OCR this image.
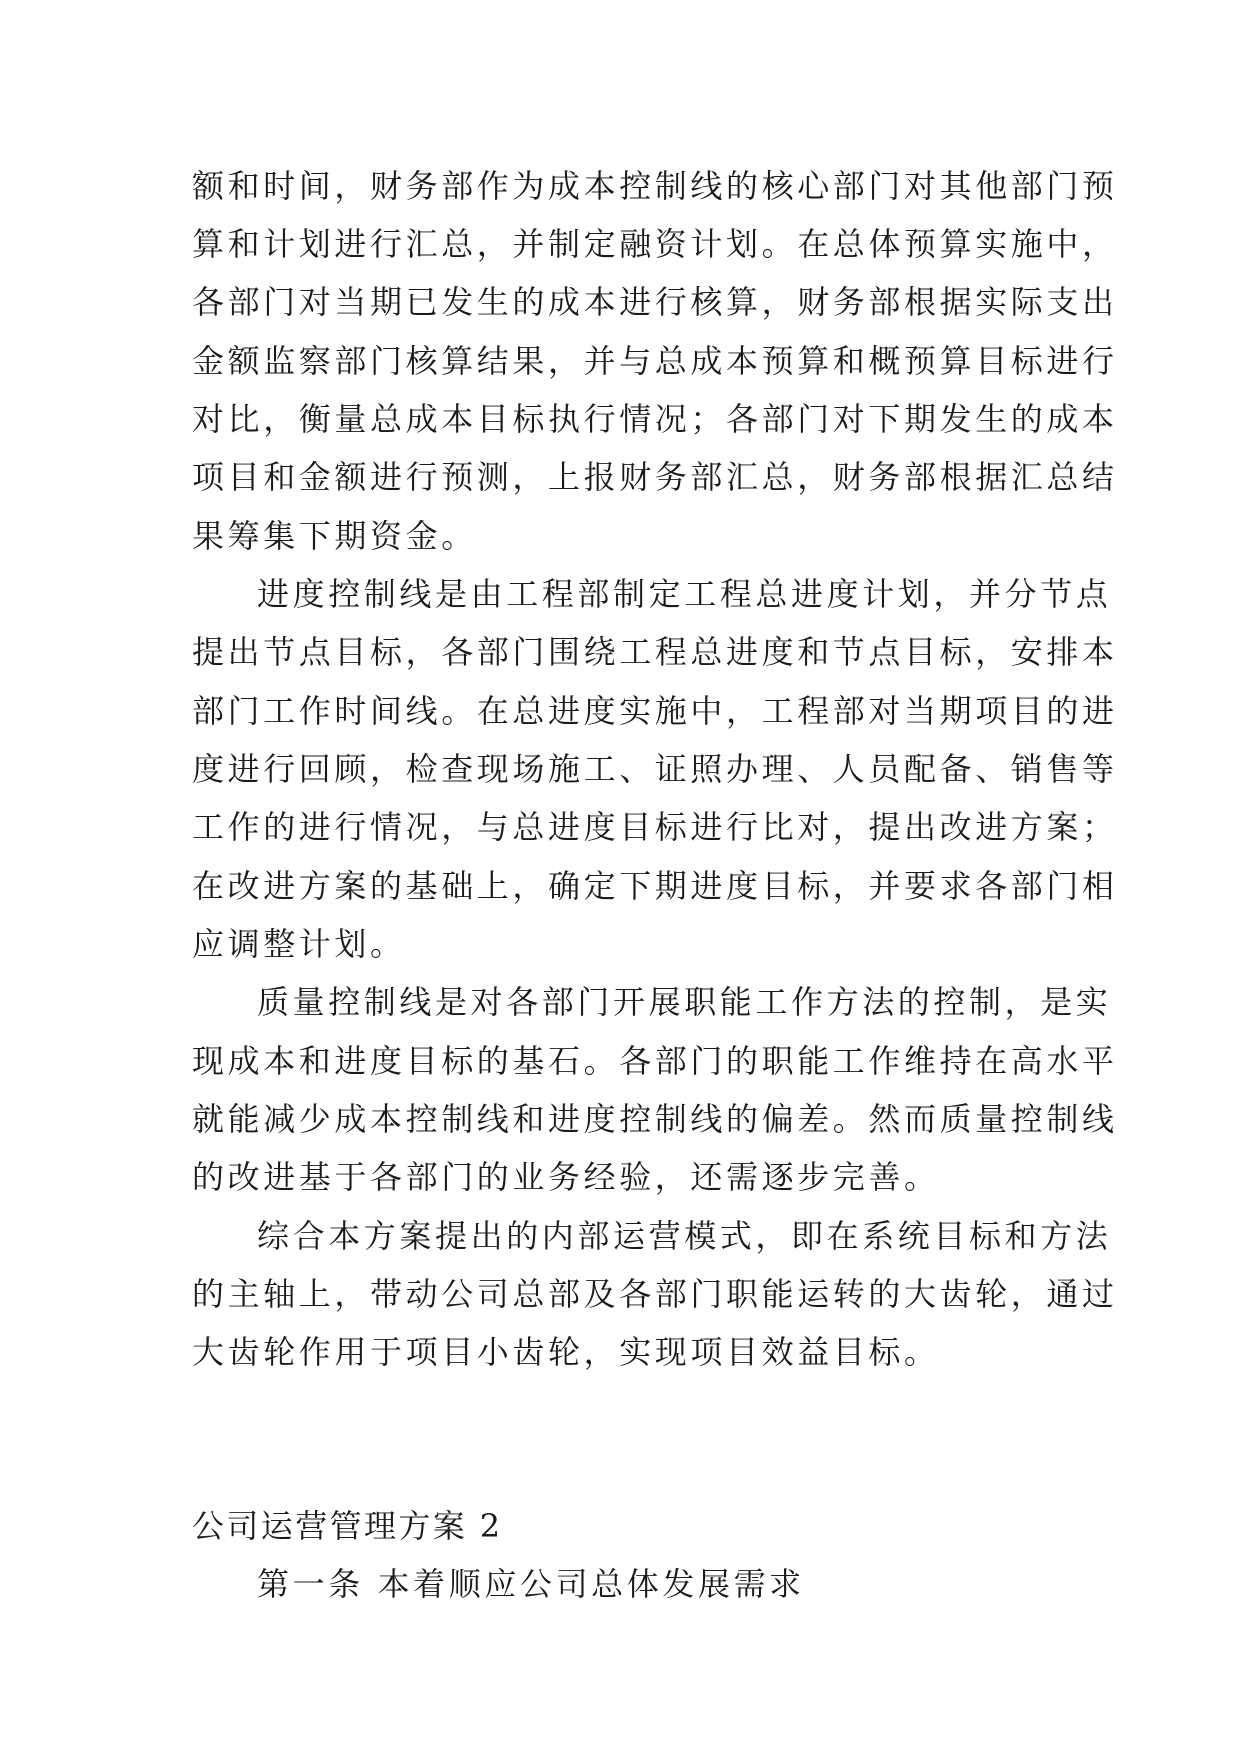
额和时间，财务部作为成本控制线的核心部门对其他部门预
算和计划进行汇总，并制定融资计划。在总体预算实施中，
各部门对当期已发生的成本进行核算，财务部根据实际支出
金额监察部门核算结果，并与总成本预算和概预算目标进行
对比，衡量总成本目标执行情况；各部门对下期发生的成本
项目和金额进行预测，上报财务部汇总，财务部根据汇总结
果筹集下期资金。
进度控制线是由工程部制定工程总进度计划，并分节点
提出节点目标，各部门围绕工程总进度和节点目标，安排本
部门工作时间线。在总进度实施中，工程部对当期项目的进
度进行回顾，检查现场施工、证照办理、人员配备、销售等
工作的进行情况，与总进度目标进行比对，提出改进方案；
在改进方案的基础上，确定下期进度目标，并要求各部门相
应调整计划。
质量控制线是对各部门开展职能工作方法的控制，是实
现成本和进度目标的基石。各部门的职能工作维持在高水平
就能减少成本控制线和进度控制线的偏差。然而质量控制线
的改进基于各部门的业务经验，还需逐步完善。
综合本方案提出的内部运营模式，即在系统目标和方法
的主轴上，带动公司总部及各部门职能运转的大齿轮，通过
大齿轮作用于项目小齿轮，实现项目效益目标。
公司运营管理方案 2
第一条 本着顺应公司总体发展需求
